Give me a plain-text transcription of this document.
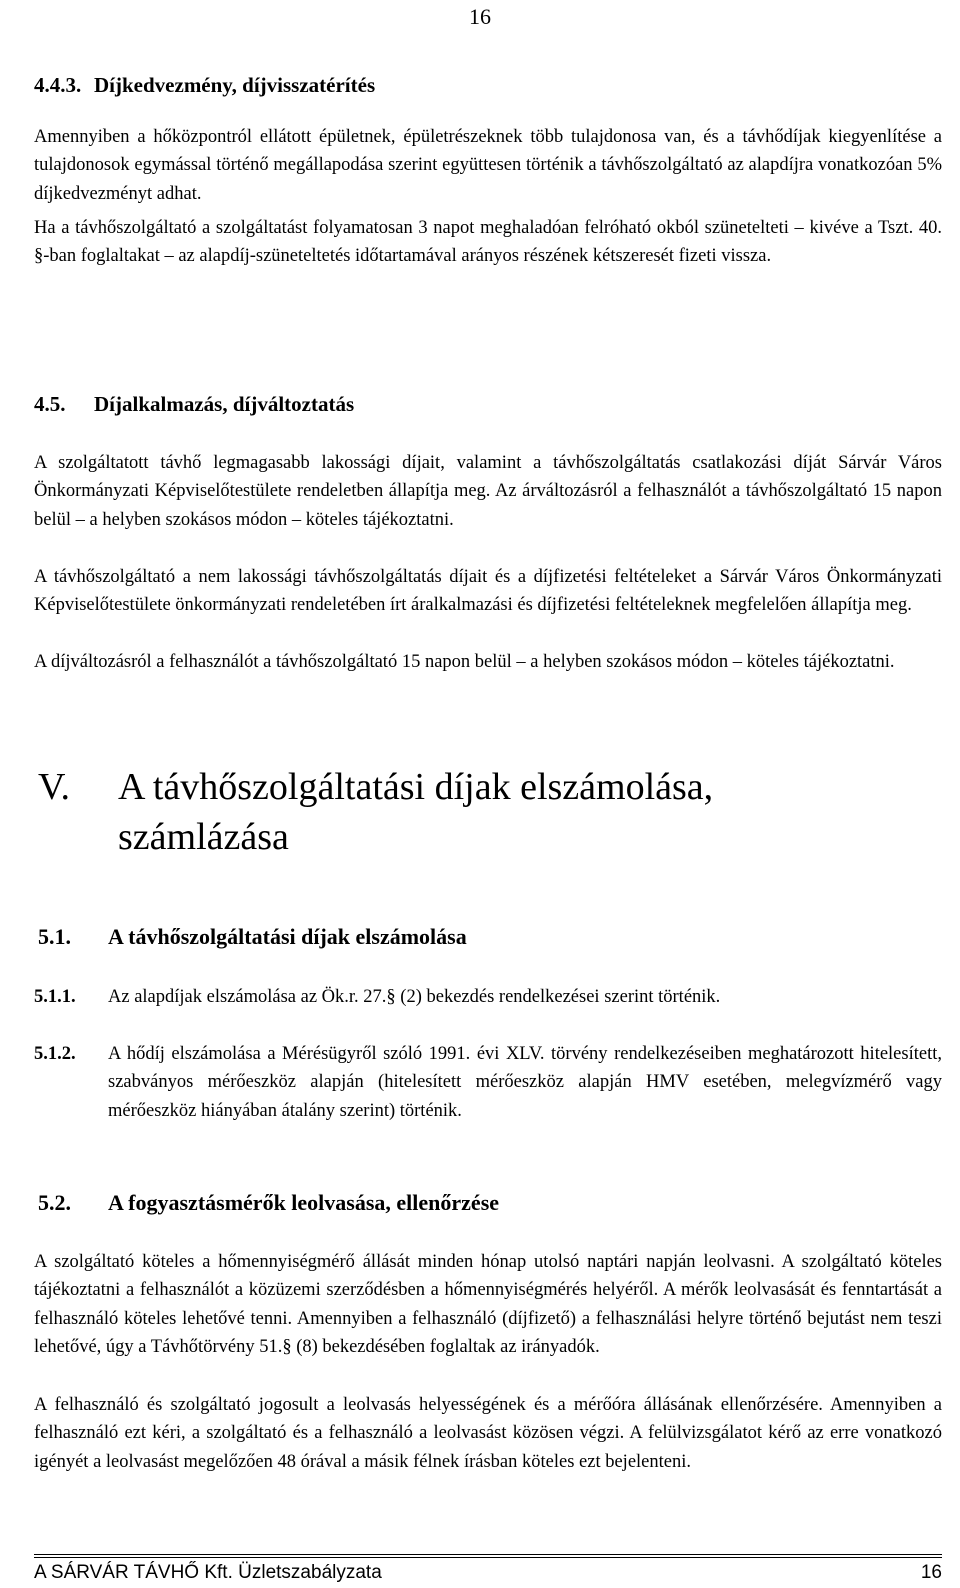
16
4.4.3. Díjkedvezmény, díjvisszatérítés
Amennyiben a hőközpontról ellátott épületnek, épületrészeknek több tulajdonosa van, és a távhődíjak kiegyenlítése a tulajdonosok egymással történő megállapodása szerint együttesen történik a távhőszolgáltató az alapdíjra vonatkozóan 5% díjkedvezményt adhat.
Ha a távhőszolgáltató a szolgáltatást folyamatosan 3 napot meghaladóan felróható okból szünetelteti – kivéve a Tszt. 40. §-ban foglaltakat – az alapdíj-szüneteltetés időtartamával arányos részének kétszeresét fizeti vissza.
4.5. Díjalkalmazás, díjváltoztatás
A szolgáltatott távhő legmagasabb lakossági díjait, valamint a távhőszolgáltatás csatlakozási díját Sárvár Város Önkormányzati Képviselőtestülete rendeletben állapítja meg. Az árváltozásról a felhasználót a távhőszolgáltató 15 napon belül – a helyben szokásos módon – köteles tájékoztatni.
A távhőszolgáltató a nem lakossági távhőszolgáltatás díjait és a díjfizetési feltételeket a Sárvár Város Önkormányzati Képviselőtestülete önkormányzati rendeletében írt áralkalmazási és díjfizetési feltételeknek megfelelően állapítja meg.
A díjváltozásról a felhasználót a távhőszolgáltató 15 napon belül – a helyben szokásos módon – köteles tájékoztatni.
V. A távhőszolgáltatási díjak elszámolása, számlázása
5.1. A távhőszolgáltatási díjak elszámolása
5.1.1. Az alapdíjak elszámolása az Ök.r. 27.§ (2) bekezdés rendelkezései szerint történik.
5.1.2. A hődíj elszámolása a Mérésügyről szóló 1991. évi XLV. törvény rendelkezéseiben meghatározott hitelesített, szabványos mérőeszköz alapján (hitelesített mérőeszköz alapján HMV esetében, melegvízmérő vagy mérőeszköz hiányában átalány szerint) történik.
5.2. A fogyasztásmérők leolvasása, ellenőrzése
A szolgáltató köteles a hőmennyiségmérő állását minden hónap utolsó naptári napján leolvasni. A szolgáltató köteles tájékoztatni a felhasználót a közüzemi szerződésben a hőmennyiségmérés helyéről. A mérők leolvasását és fenntartását a felhasználó köteles lehetővé tenni. Amennyiben a felhasználó (díjfizető) a felhasználási helyre történő bejutást nem teszi lehetővé, úgy a Távhőtörvény 51.§ (8) bekezdésében foglaltak az irányadók.
A felhasználó és szolgáltató jogosult a leolvasás helyességének és a mérőóra állásának ellenőrzésére. Amennyiben a felhasználó ezt kéri, a szolgáltató és a felhasználó a leolvasást közösen végzi. A felülvizsgálatot kérő az erre vonatkozó igényét a leolvasást megelőzően 48 órával a másik félnek írásban köteles ezt bejelenteni.
A SÁRVÁR TÁVHŐ Kft. Üzletszabályzata	16
